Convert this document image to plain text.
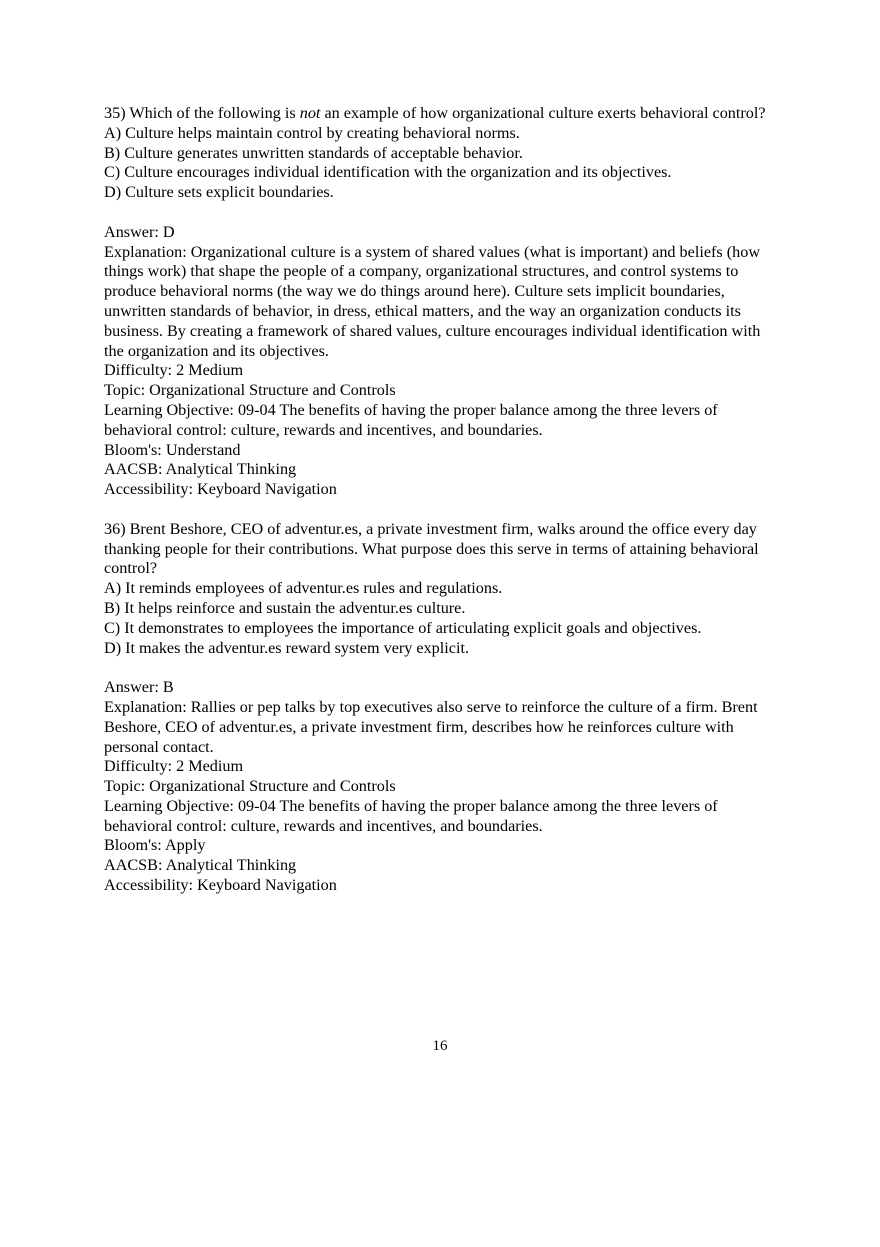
35) Which of the following is not an example of how organizational culture exerts behavioral control?

A) Culture helps maintain control by creating behavioral norms.

B) Culture generates unwritten standards of acceptable behavior.

C) Culture encourages individual identification with the organization and its objectives.

D) Culture sets explicit boundaries.

Answer: D

Explanation: Organizational culture is a system of shared values (what is important) and beliefs (how things work) that shape the people of a company, organizational structures, and control systems to produce behavioral norms (the way we do things around here). Culture sets implicit boundaries, unwritten standards of behavior, in dress, ethical matters, and the way an organization conducts its business. By creating a framework of shared values, culture encourages individual identification with the organization and its objectives.

Difficulty: 2 Medium

Topic: Organizational Structure and Controls

Learning Objective: 09-04 The benefits of having the proper balance among the three levers of behavioral control: culture, rewards and incentives, and boundaries.

Bloom's: Understand

AACSB: Analytical Thinking

Accessibility: Keyboard Navigation

36) Brent Beshore, CEO of adventur.es, a private investment firm, walks around the office every day thanking people for their contributions. What purpose does this serve in terms of attaining behavioral control?

A) It reminds employees of adventur.es rules and regulations.

B) It helps reinforce and sustain the adventur.es culture.

C) It demonstrates to employees the importance of articulating explicit goals and objectives.

D) It makes the adventur.es reward system very explicit.

Answer: B

Explanation: Rallies or pep talks by top executives also serve to reinforce the culture of a firm. Brent Beshore, CEO of adventur.es, a private investment firm, describes how he reinforces culture with personal contact.

Difficulty: 2 Medium

Topic: Organizational Structure and Controls

Learning Objective: 09-04 The benefits of having the proper balance among the three levers of behavioral control: culture, rewards and incentives, and boundaries.

Bloom's: Apply

AACSB: Analytical Thinking

Accessibility: Keyboard Navigation

16
